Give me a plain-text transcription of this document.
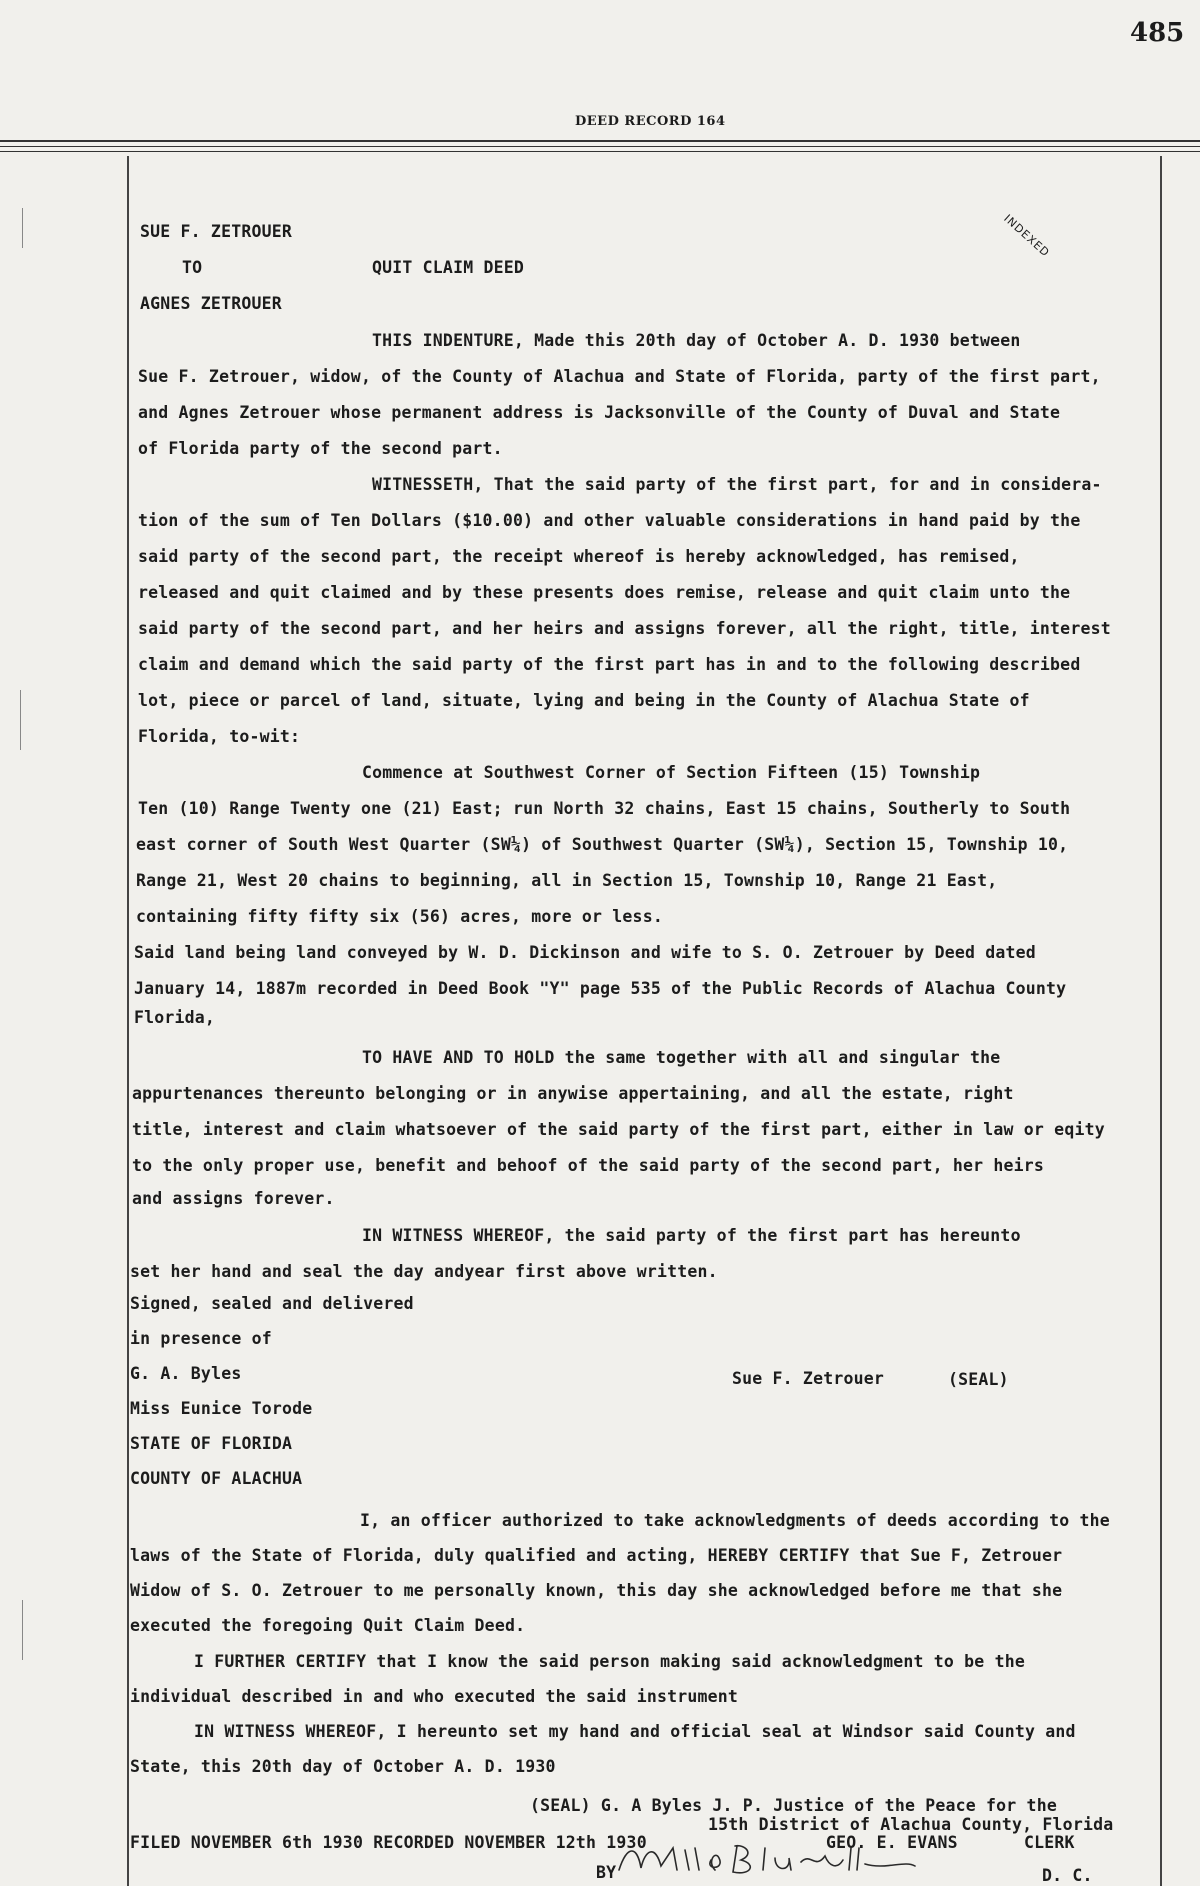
485
DEED RECORD 164
INDEXED
SUE F. ZETROUER
TO	QUIT CLAIM DEED
AGNES ZETROUER
THIS INDENTURE, Made this 20th day of October A. D. 1930 between
Sue F. Zetrouer, widow, of the County of Alachua and State of Florida, party of the first part,
and Agnes Zetrouer whose permanent address is Jacksonville of the County of Duval and State
of Florida party of the second part.
WITNESSETH, That the said party of the first part, for and in considera-
tion of the sum of Ten Dollars ($10.00) and other valuable considerations in hand paid by the
said party of the second part, the receipt whereof is hereby acknowledged, has remised,
released and quit claimed and by these presents does remise, release and quit claim unto the
said party of the second part, and her heirs and assigns forever, all the right, title, interest
claim and demand which the said party of the first part has in and to the following described
lot, piece or parcel of land, situate, lying and being in the County of Alachua State of
Florida, to-wit:
Commence at Southwest Corner of Section Fifteen (15) Township
Ten (10) Range Twenty one (21) East; run North 32 chains, East 15 chains, Southerly to South
east corner of South West Quarter (SW¼) of Southwest Quarter (SW¼), Section 15, Township 10,
Range 21, West 20 chains to beginning, all in Section 15, Township 10, Range 21 East,
containing fifty fifty six (56) acres, more or less.
Said land being land conveyed by W. D. Dickinson and wife to S. O. Zetrouer by Deed dated
January 14, 1887m recorded in Deed Book "Y" page 535 of the Public Records of Alachua County
Florida,
TO HAVE AND TO HOLD the same together with all and singular the
appurtenances thereunto belonging or in anywise appertaining, and all the estate, right
title, interest and claim whatsoever of the said party of the first part, either in law or eqity
to the only proper use, benefit and behoof of the said party of the second part, her heirs
and assigns forever.
IN WITNESS WHEREOF, the said party of the first part has hereunto
set her hand and seal the day andyear first above written.
Signed, sealed and delivered
in presence of
G. A. Byles	Sue F. Zetrouer	(SEAL)
Miss Eunice Torode
STATE OF FLORIDA
COUNTY OF ALACHUA
I, an officer authorized to take acknowledgments of deeds according to the
laws of the State of Florida, duly qualified and acting, HEREBY CERTIFY that Sue F, Zetrouer
Widow of S. O. Zetrouer to me personally known, this day she acknowledged before me that she
executed the foregoing Quit Claim Deed.
I FURTHER CERTIFY that I know the said person making said acknowledgment to be the
individual described in and who executed the said instrument
IN WITNESS WHEREOF, I hereunto set my hand and official seal at Windsor said County and
State, this 20th day of October A. D. 1930
(SEAL) G. A Byles J. P. Justice of the Peace for the
15th District of Alachua County, Florida
FILED NOVEMBER 6th 1930 RECORDED NOVEMBER 12th 1930	GEO. E. EVANS	CLERK
BY	D. C.
